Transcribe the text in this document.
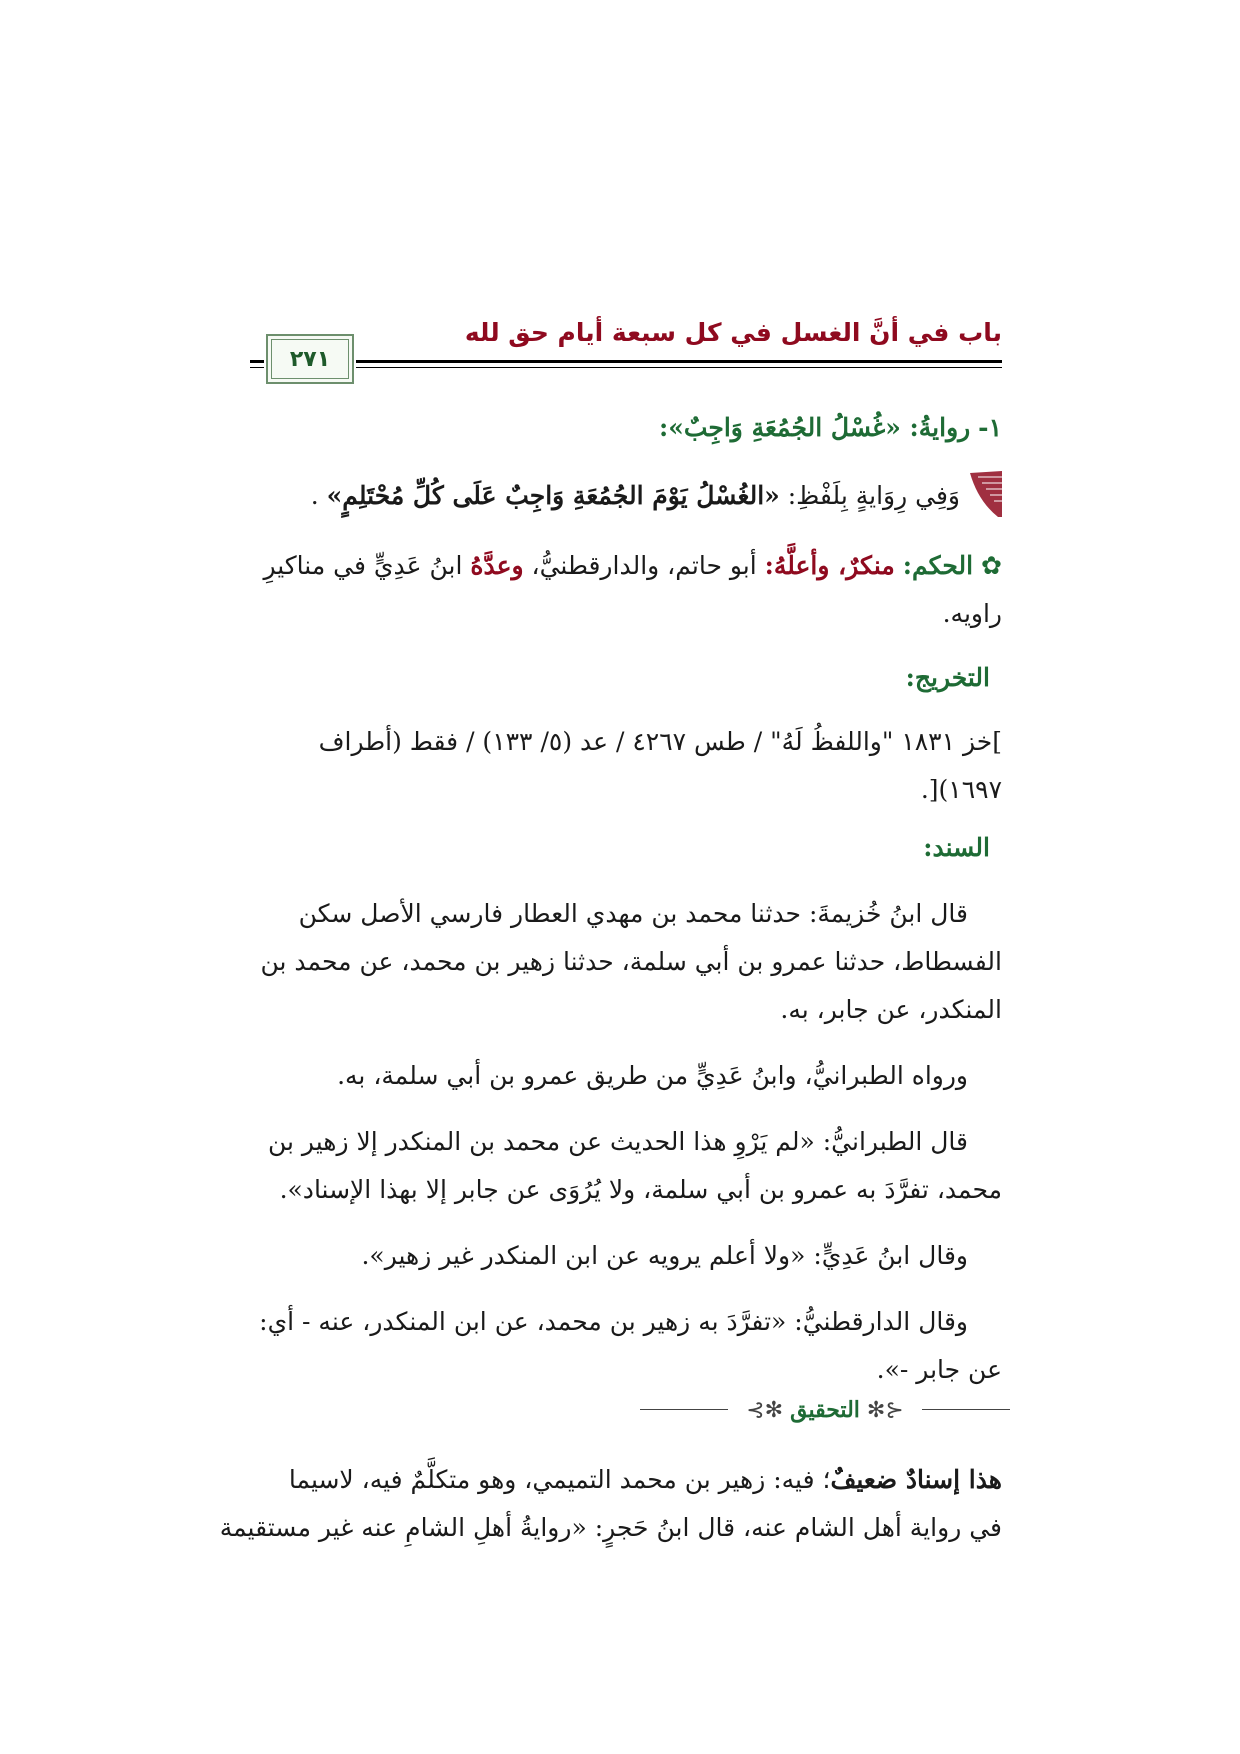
باب في أنَّ الغسل في كل سبعة أيام حق لله
٢٧١
١- روايةُ: «غُسْلُ الجُمُعَةِ وَاجِبٌ»:
وَفِي رِوَايةٍ بِلَفْظِ: «الغُسْلُ يَوْمَ الجُمُعَةِ وَاجِبٌ عَلَى كُلِّ مُحْتَلِمٍ» .
✿ الحكم: منكرٌ، وأعلَّهُ: أبو حاتم، والدارقطنيُّ، وعدَّهُ ابنُ عَدِيٍّ في مناكيرِ
راويه.
التخريج:
]خز ١٨٣١ "واللفظُ لَهُ" / طس ٤٢٦٧ / عد (٥/ ١٣٣) / فقط (أطراف
١٦٩٧)[.
السند:
قال ابنُ خُزيمةَ: حدثنا محمد بن مهدي العطار فارسي الأصل سكن
الفسطاط، حدثنا عمرو بن أبي سلمة، حدثنا زهير بن محمد، عن محمد بن
المنكدر، عن جابر، به.
ورواه الطبرانيُّ، وابنُ عَدِيٍّ من طريق عمرو بن أبي سلمة، به.
قال الطبرانيُّ: «لم يَرْوِ هذا الحديث عن محمد بن المنكدر إلا زهير بن
محمد، تفرَّدَ به عمرو بن أبي سلمة، ولا يُرُوَى عن جابر إلا بهذا الإسناد».
وقال ابنُ عَدِيٍّ: «ولا أعلم يرويه عن ابن المنكدر غير زهير».
وقال الدارقطنيُّ: «تفرَّدَ به زهير بن محمد، عن ابن المنكدر، عنه - أي:
عن جابر -».
⊰✻ التحقيق ✻⊱
هذا إسنادٌ ضعيفٌ؛ فيه: زهير بن محمد التميمي، وهو متكلَّمٌ فيه، لاسيما
في رواية أهل الشام عنه، قال ابنُ حَجرٍ: «روايةُ أهلِ الشامِ عنه غير مستقيمة
